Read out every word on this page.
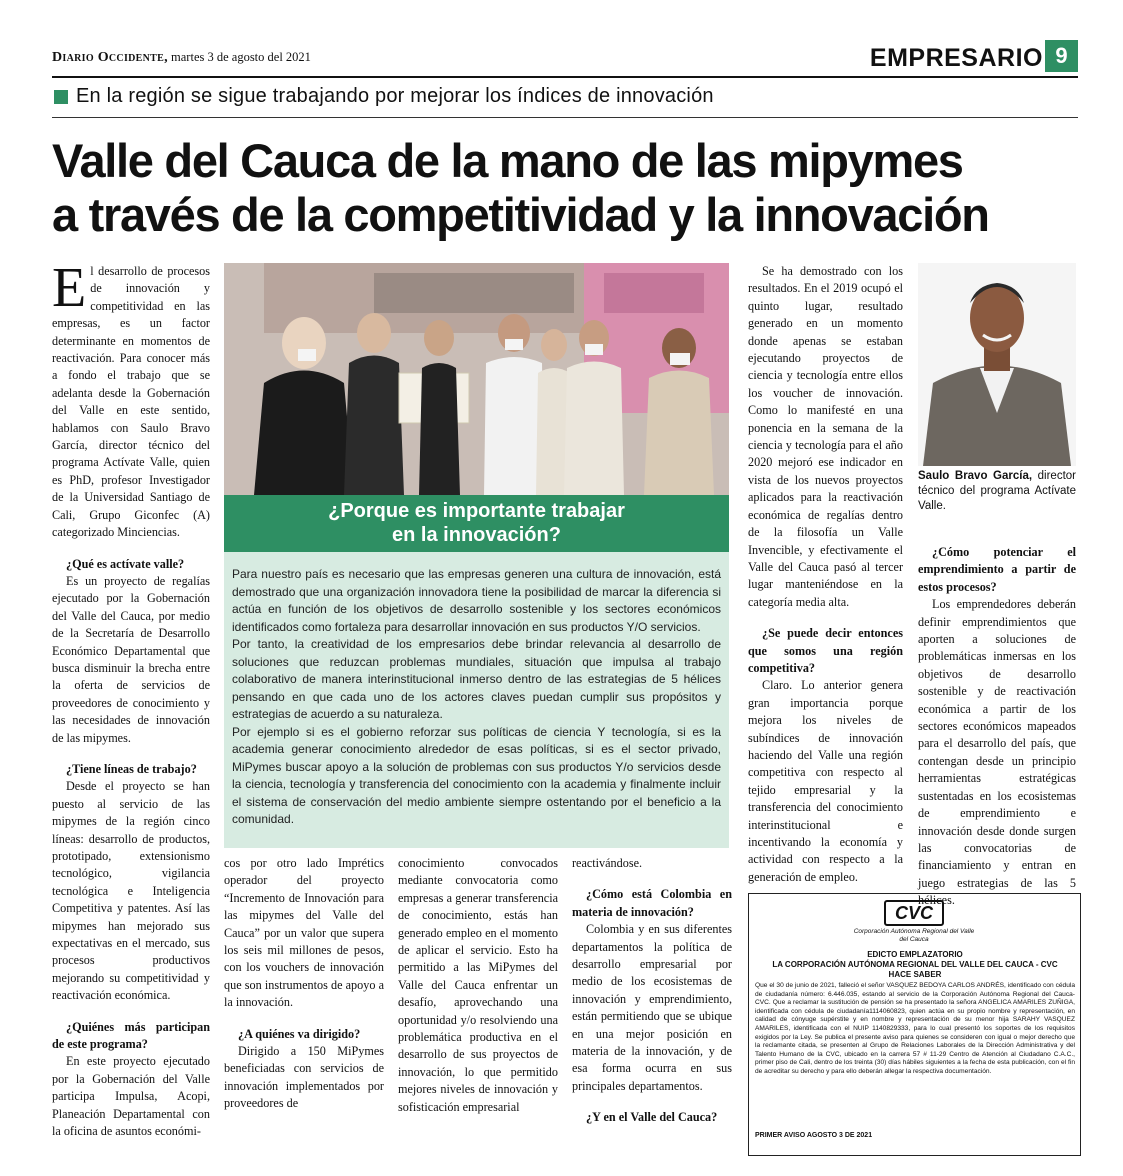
Diario Occidente, martes 3 de agosto del 2021	EMPRESARIO 9
En la región se sigue trabajando por mejorar los índices de innovación
Valle del Cauca de la mano de las mipymes
a través de la competitividad y la innovación

El desarrollo de procesos de innovación y competitividad en las empresas, es un factor determinante en momentos de reactivación. Para conocer más a fondo el trabajo que se adelanta desde la Gobernación del Valle en este sentido, hablamos con Saulo Bravo García, director técnico del programa Actívate Valle, quien es PhD, profesor Investigador de la Universidad Santiago de Cali, Grupo Giconfec (A) categorizado Minciencias.

¿Qué es actívate valle?

Es un proyecto de regalías ejecutado por la Gobernación del Valle del Cauca, por medio de la Secretaría de Desarrollo Económico Departamental que busca disminuir la brecha entre la oferta de servicios de proveedores de conocimiento y las necesidades de innovación de las mipymes.

¿Tiene líneas de trabajo?

Desde el proyecto se han puesto al servicio de las mipymes de la región cinco líneas: desarrollo de productos, prototipado, extensionismo tecnológico, vigilancia tecnológica e Inteligencia Competitiva y patentes. Así las mipymes han mejorado sus expectativas en el mercado, sus procesos productivos mejorando su competitividad y reactivación económica.

¿Quiénes más participan de este programa?

En este proyecto ejecutado por la Gobernación del Valle participa Impulsa, Acopi, Planeación Departamental con la oficina de asuntos económi-

¿Porque es importante trabajar
en la innovación?

Para nuestro país es necesario que las empresas generen una cultura de innovación, está demostrado que una organización innovadora tiene la posibilidad de marcar la diferencia si actúa en función de los objetivos de desarrollo sostenible y los sectores económicos identificados como fortaleza para desarrollar innovación en sus productos Y/O servicios.

Por tanto, la creatividad de los empresarios debe brindar relevancia al desarrollo de soluciones que reduzcan problemas mundiales, situación que impulsa al trabajo colaborativo de manera interinstitucional inmerso dentro de las estrategias de 5 hélices pensando en que cada uno de los actores claves puedan cumplir sus propósitos y estrategias de acuerdo a su naturaleza.

Por ejemplo si es el gobierno reforzar sus políticas de ciencia Y tecnología, si es la academia generar conocimiento alrededor de esas políticas, si es el sector privado, MiPymes buscar apoyo a la solución de problemas con sus productos Y/o servicios desde la ciencia, tecnología y transferencia del conocimiento con la academia y finalmente incluir el sistema de conservación del medio ambiente siempre ostentando por el beneficio a la comunidad.

cos por otro lado Imprétics operador del proyecto “Incremento de Innovación para las mipymes del Valle del Cauca” por un valor que supera los seis mil millones de pesos, con los vouchers de innovación que son instrumentos de apoyo a la innovación.

¿A quiénes va dirigido?

Dirigido a 150 MiPymes beneficiadas con servicios de innovación implementados por proveedores de

conocimiento convocados mediante convocatoria como empresas a generar transferencia de conocimiento, estás han generado empleo en el momento de aplicar el servicio. Esto ha permitido a las MiPymes del Valle del Cauca enfrentar un desafío, aprovechando una oportunidad y/o resolviendo una problemática productiva en el desarrollo de sus proyectos de innovación, lo que permitido mejores niveles de innovación y sofisticación empresarial

reactivándose.

¿Cómo está Colombia en materia de innovación?

Colombia y en sus diferentes departamentos la política de desarrollo empresarial por medio de los ecosistemas de innovación y emprendimiento, están permitiendo que se ubique en una mejor posición en materia de la innovación, y de esa forma ocurra en sus principales departamentos.

¿Y en el Valle del Cauca?

Se ha demostrado con los resultados. En el 2019 ocupó el quinto lugar, resultado generado en un momento donde apenas se estaban ejecutando proyectos de ciencia y tecnología entre ellos los voucher de innovación. Como lo manifesté en una ponencia en la semana de la ciencia y tecnología para el año 2020 mejoró ese indicador en vista de los nuevos proyectos aplicados para la reactivación económica de regalías dentro de la filosofía un Valle Invencible, y efectivamente el Valle del Cauca pasó al tercer lugar manteniéndose en la categoría media alta.

¿Se puede decir entonces que somos una región competitiva?

Claro. Lo anterior genera gran importancia porque mejora los niveles de subíndices de innovación haciendo del Valle una región competitiva con respecto al tejido empresarial y la transferencia del conocimiento interinstitucional e incentivando la economía y actividad con respecto a la generación de empleo.

Saulo Bravo García, director técnico del programa Actívate Valle.
¿Cómo potenciar el emprendimiento a partir de estos procesos?

Los emprendedores deberán definir emprendimientos que aporten a soluciones de problemáticas inmersas en los objetivos de desarrollo sostenible y de reactivación económica a partir de los sectores económicos mapeados para el desarrollo del país, que contengan desde un principio herramientas estratégicas sustentadas en los ecosistemas de emprendimiento e innovación desde donde surgen las convocatorias de financiamiento y entran en juego estrategias de las 5 hélices.

CVC
Corporación Autónoma Regional del Valle del Cauca
EDICTO EMPLAZATORIO
LA CORPORACIÓN AUTÓNOMA REGIONAL DEL VALLE DEL CAUCA - CVC
HACE SABER
Que el 30 de junio de 2021, falleció el señor VASQUEZ BEDOYA CARLOS ANDRÉS, identificado con cédula de ciudadanía número: 6.446.035, estando al servicio de la Corporación Autónoma Regional del Cauca- CVC. Que a reclamar la sustitución de pensión se ha presentado la señora ANGELICA AMARILES ZUÑIGA, identificada con cédula de ciudadanía1114060823, quien actúa en su propio nombre y representación, en calidad de cónyuge supérstite y en nombre y representación de su menor hija SARAHY VASQUEZ AMARILES, identificada con el NUIP 1140829333, para lo cual presentó los soportes de los requisitos exigidos por la Ley. Se publica el presente aviso para quienes se consideren con igual o mejor derecho que la reclamante citada, se presenten al Grupo de Relaciones Laborales de la Dirección Administrativa y del Talento Humano de la CVC, ubicado en la carrera 57 # 11-29 Centro de Atención al Ciudadano C.A.C., primer piso de Cali, dentro de los treinta (30) días hábiles siguientes a la fecha de esta publicación, con el fin de acreditar su derecho y para ello deberán allegar la respectiva documentación.
PRIMER AVISO AGOSTO 3 DE 2021
